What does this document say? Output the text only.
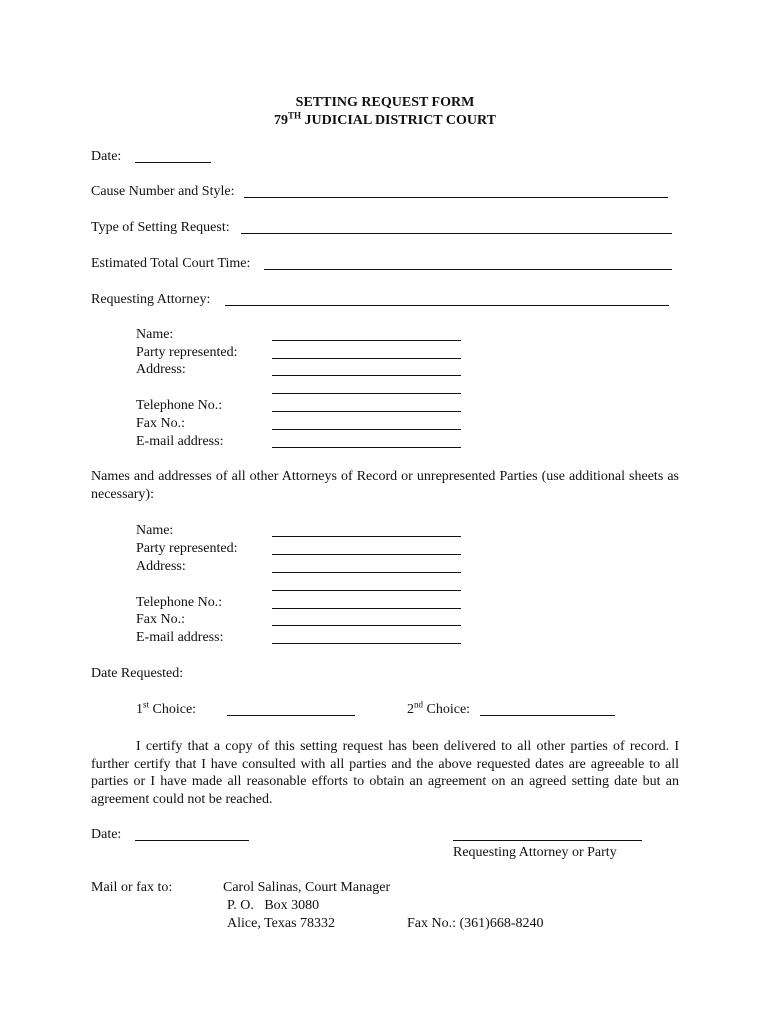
SETTING REQUEST FORM
79TH JUDICIAL DISTRICT COURT
Date:
Cause Number and Style:
Type of Setting Request:
Estimated Total Court Time:
Requesting Attorney:
Name:
Party represented:
Address:
Telephone No.:
Fax No.:
E-mail address:
Names and addresses of all other Attorneys of Record or unrepresented Parties (use additional sheets as necessary):
Name:
Party represented:
Address:
Telephone No.:
Fax No.:
E-mail address:
Date Requested:
1st Choice:	2nd Choice:
I certify that a copy of this setting request has been delivered to all other parties of record. I further certify that I have consulted with all parties and the above requested dates are agreeable to all parties or I have made all reasonable efforts to obtain an agreement on an agreed setting date but an agreement could not be reached.
Date:
Requesting Attorney or Party
Mail or fax to:	Carol Salinas, Court Manager
P. O.   Box 3080
Alice, Texas 78332	Fax No.: (361)668-8240
